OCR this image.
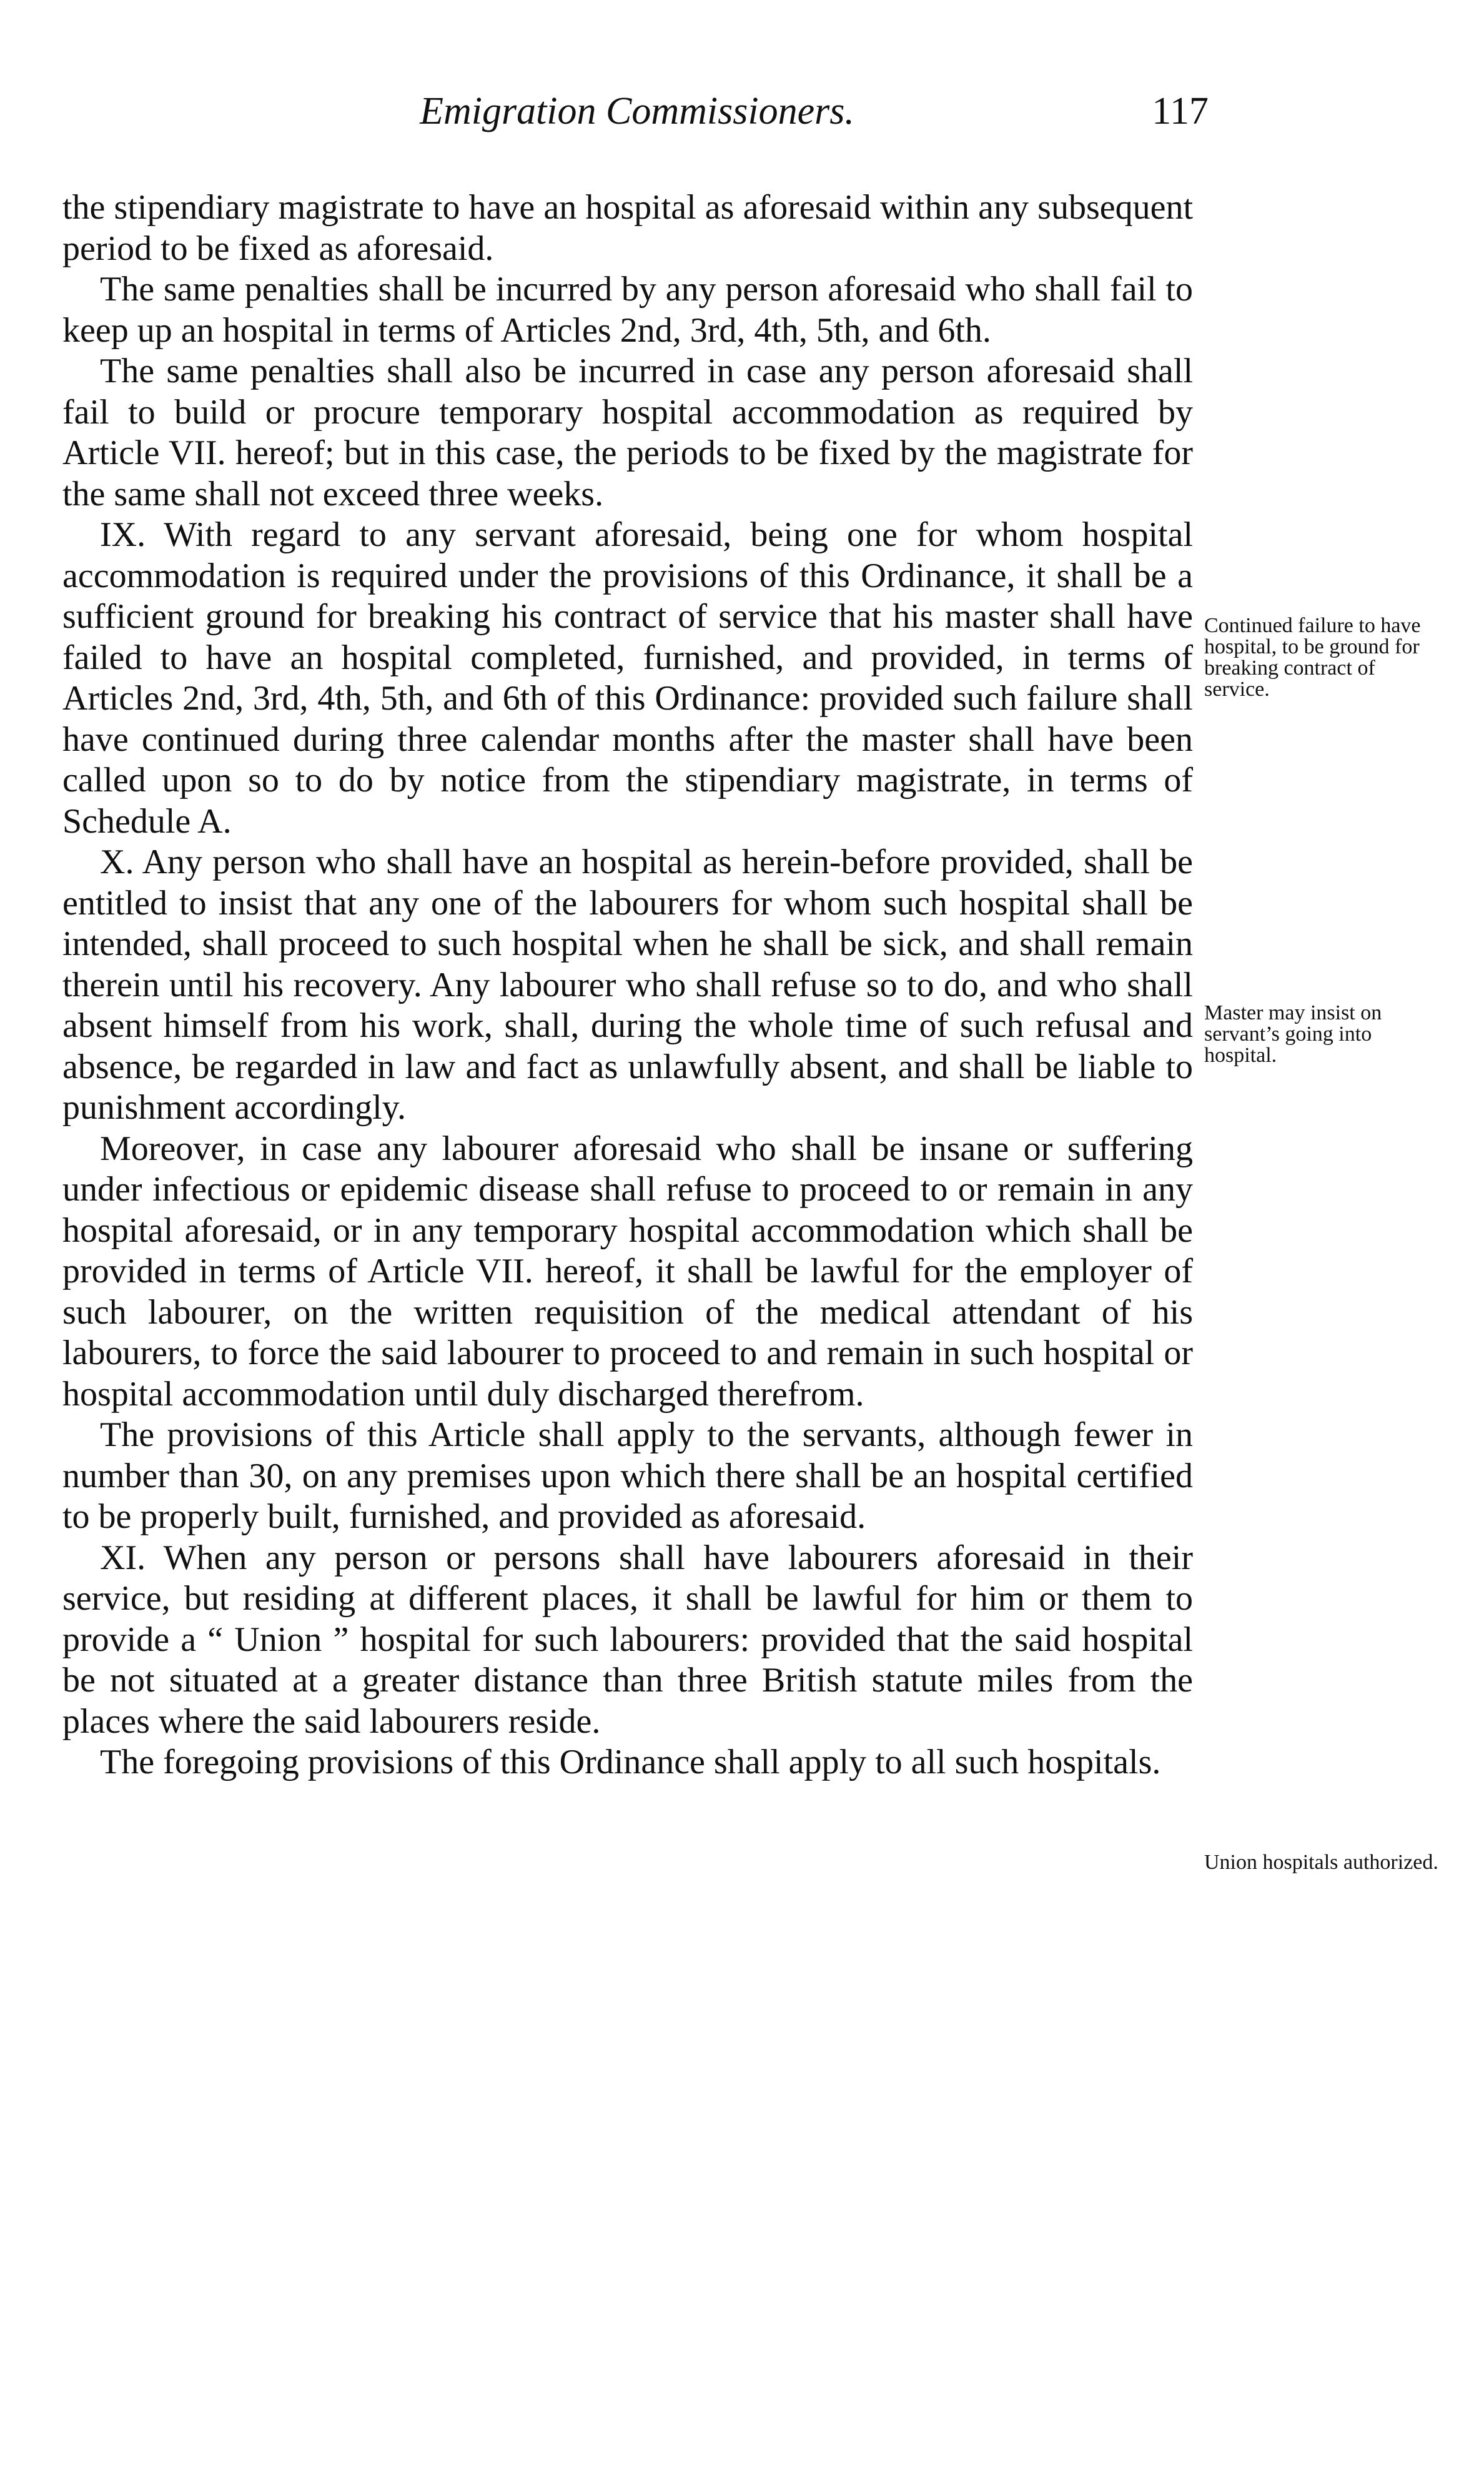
Emigration Commissioners.	117

the stipendiary magistrate to have an hospital as aforesaid within any subsequent period to be fixed as aforesaid.

The same penalties shall be incurred by any person aforesaid who shall fail to keep up an hospital in terms of Articles 2nd, 3rd, 4th, 5th, and 6th.

The same penalties shall also be incurred in case any person aforesaid shall fail to build or procure temporary hospital accommodation as required by Article VII. hereof; but in this case, the periods to be fixed by the magistrate for the same shall not exceed three weeks.

IX. With regard to any servant aforesaid, being one for whom hospital accommodation is required under the provisions of this Ordinance, it shall be a sufficient ground for breaking his contract of service that his master shall have failed to have an hospital completed, furnished, and provided, in terms of Articles 2nd, 3rd, 4th, 5th, and 6th of this Ordinance: provided such failure shall have continued during three calendar months after the master shall have been called upon so to do by notice from the stipendiary magistrate, in terms of Schedule A.

X. Any person who shall have an hospital as herein-before provided, shall be entitled to insist that any one of the labourers for whom such hospital shall be intended, shall proceed to such hospital when he shall be sick, and shall remain therein until his recovery. Any labourer who shall refuse so to do, and who shall absent himself from his work, shall, during the whole time of such refusal and absence, be regarded in law and fact as unlawfully absent, and shall be liable to punishment accordingly.

Moreover, in case any labourer aforesaid who shall be insane or suffering under infectious or epidemic disease shall refuse to proceed to or remain in any hospital aforesaid, or in any temporary hospital accommodation which shall be provided in terms of Article VII. hereof, it shall be lawful for the employer of such labourer, on the written requisition of the medical attendant of his labourers, to force the said labourer to proceed to and remain in such hospital or hospital accommodation until duly discharged therefrom.

The provisions of this Article shall apply to the servants, although fewer in number than 30, on any premises upon which there shall be an hospital certified to be properly built, furnished, and provided as aforesaid.

XI. When any person or persons shall have labourers aforesaid in their service, but residing at different places, it shall be lawful for him or them to provide a “ Union ” hospital for such labourers: provided that the said hospital be not situated at a greater distance than three British statute miles from the places where the said labourers reside.

The foregoing provisions of this Ordinance shall apply to all such hospitals.

Continued failure to have hospital, to be ground for breaking contract of service.
Master may insist on servant’s going into hospital.
Union hospitals authorized.
